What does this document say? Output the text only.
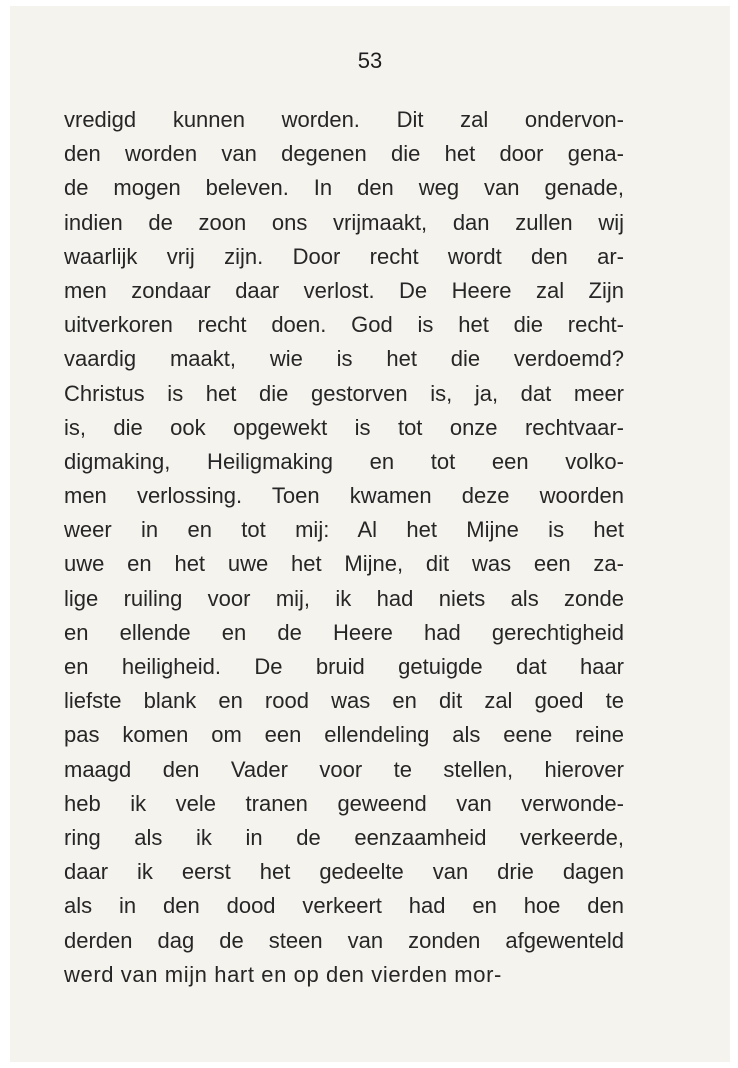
53

vredigd kunnen worden. Dit zal ondervon-
den worden van degenen die het door gena-
de mogen beleven. In den weg van genade,
indien de zoon ons vrijmaakt, dan zullen wij
waarlijk vrij zijn. Door recht wordt den ar-
men zondaar daar verlost. De Heere zal Zijn
uitverkoren recht doen. God is het die recht-
vaardig maakt, wie is het die verdoemd?
Christus is het die gestorven is, ja, dat meer
is, die ook opgewekt is tot onze rechtvaar-
digmaking, Heiligmaking en tot een volko-
men verlossing. Toen kwamen deze woorden
weer in en tot mij: Al het Mijne is het
uwe en het uwe het Mijne, dit was een za-
lige ruiling voor mij, ik had niets als zonde
en ellende en de Heere had gerechtigheid
en heiligheid. De bruid getuigde dat haar
liefste blank en rood was en dit zal goed te
pas komen om een ellendeling als eene reine
maagd den Vader voor te stellen, hierover
heb ik vele tranen geweend van verwonde-
ring als ik in de eenzaamheid verkeerde,
daar ik eerst het gedeelte van drie dagen
als in den dood verkeert had en hoe den
derden dag de steen van zonden afgewenteld
werd van mijn hart en op den vierden mor-
